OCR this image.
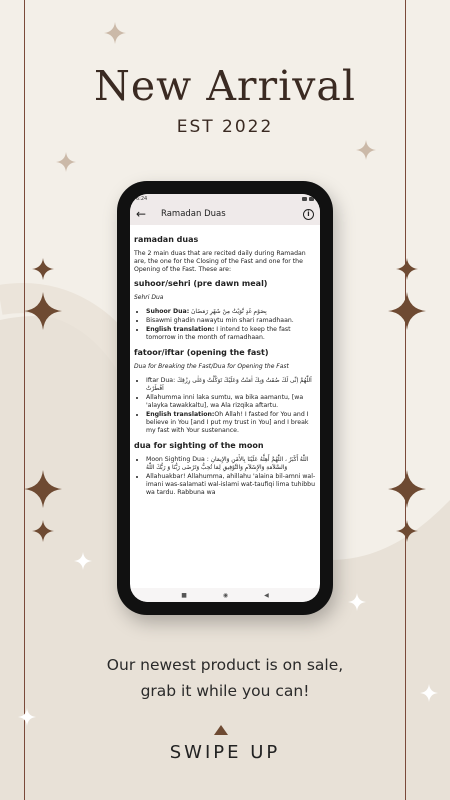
New Arrival
EST 2022
6:24
←	Ramadan Duas	i
ramadan duas

The 2 main duas that are recited daily during Ramadan are, the one for the Closing of the Fast and one for the Opening of the Fast. These are:

suhoor/sehri (pre dawn meal)
Sehri Dua
• Suhoor Dua: بِصَوْمِ غَدٍ نَّوَيْتُ مِنْ شَهْرِ رَمَضَانَ
• Bisawmi ghadin nawaytu min shari ramadhaan.
• English translation: I intend to keep the fast tomorrow in the month of ramadhaan.
fatoor/iftar (opening the fast)
Dua for Breaking the Fast/Dua for Opening the Fast
• Iftar Dua: اَللّٰهُمَّ اِنِّى لَكَ صُمْتُ وَبِكَ اٰمَنْتُ وَعَلَيْكَ تَوَكَّلْتُ وَعَلٰى رِزْقِكَ اَفْطَرْتُ
• Allahumma inni laka sumtu, wa bika aamantu, [wa 'alayka tawakkaltu], wa Ala rizqika aftartu.
• English translation:Oh Allah! I fasted for You and I believe in You [and I put my trust in You] and I break my fast with Your sustenance.
dua for sighting of the moon
• Moon Sighting Dua : اللّٰهُ أَكْبَرُ ، اللّٰهُمَّ أَهِلَّهُ عَلَيْنَا بِالأَمْنِ وَالإِيمَانِ وَالسَّلاَمَةِ وَالإِسْلاَمِ وَالتَّوْفِيقِ لِمَا تُحِبُّ وَتَرْضَى رَبُّنَا وَ رَبُّكَ اللّٰهُ
• Allahuakbar! Allahumma, ahillahu 'alaina bil-amni wal-imani was-salamati wal-islami wat-taufiqi lima tuhibbu wa tardu. Rabbuna wa
■	◉	◀
Our newest product is on sale,
grab it while you can!
SWIPE UP
